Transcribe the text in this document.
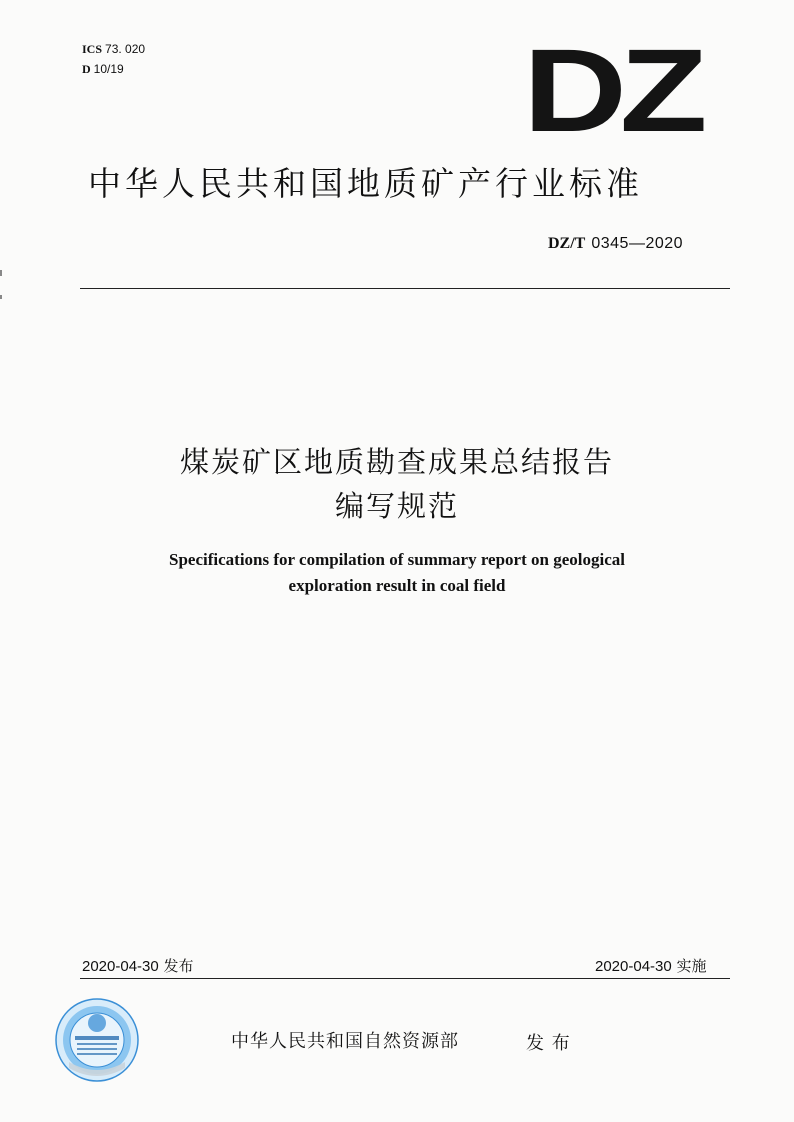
ICS 73. 020
D 10/19	DZ
中华人民共和国地质矿产行业标准
DZ/T 0345—2020
煤炭矿区地质勘查成果总结报告
编写规范
Specifications for compilation of summary report on geological
exploration result in coal field
2020-04-30 发布	2020-04-30 实施
中华人民共和国自然资源部	发 布
